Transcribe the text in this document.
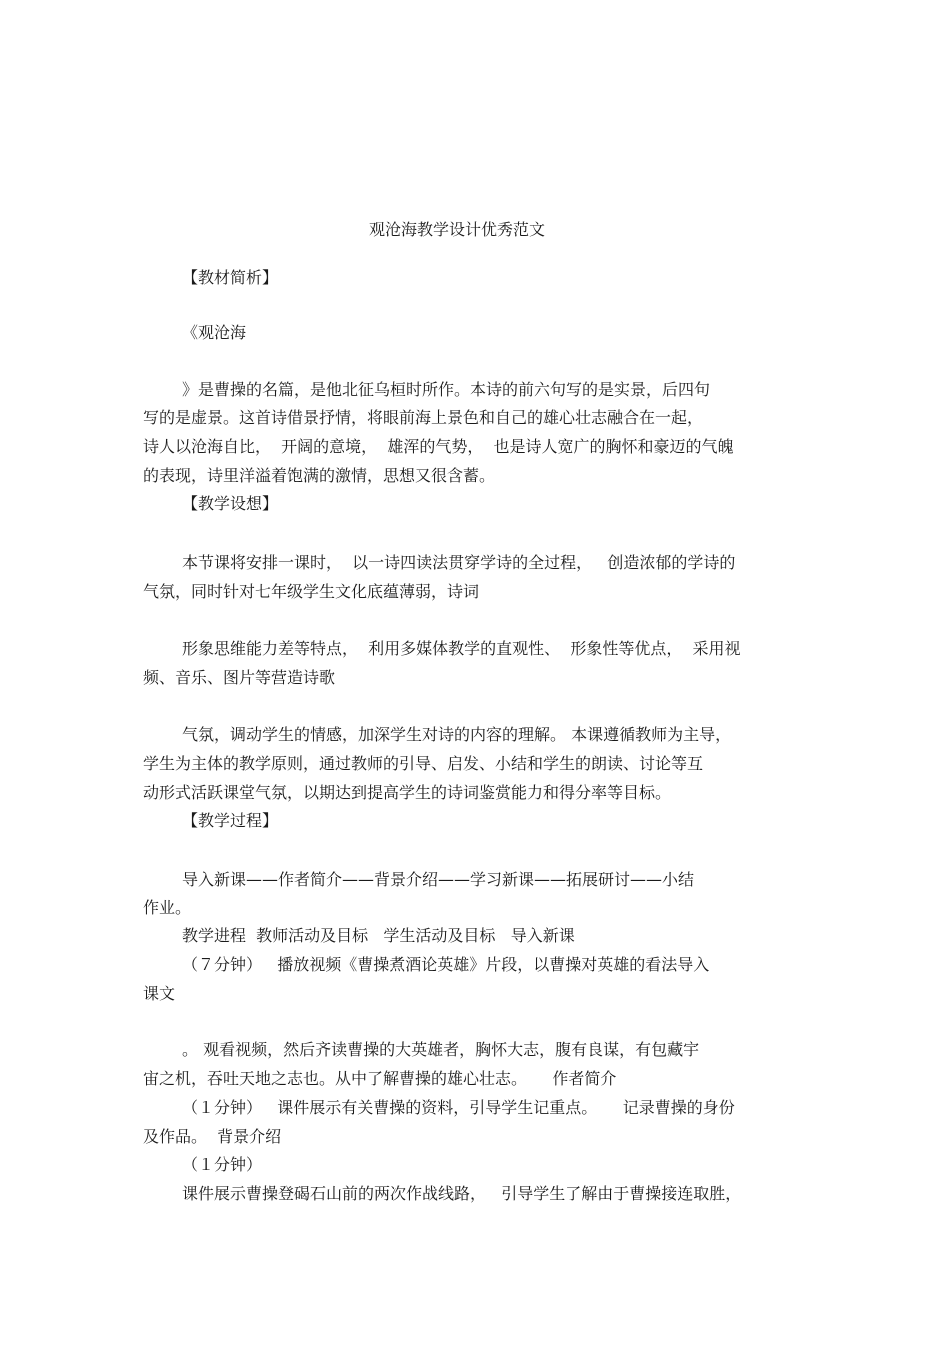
观沧海教学设计优秀范文
【教材简析】
《观沧海
》是曹操的名篇，是他北征乌桓时所作。本诗的前六句写的是实景，后四句
写的是虚景。这首诗借景抒情，将眼前海上景色和自己的雄心壮志融合在一起，
诗人以沧海自比，  开阔的意境，  雄浑的气势，  也是诗人宽广的胸怀和豪迈的气魄
的表现，诗里洋溢着饱满的激情，思想又很含蓄。
【教学设想】
本节课将安排一课时，  以一诗四读法贯穿学诗的全过程，   创造浓郁的学诗的
气氛，同时针对七年级学生文化底蕴薄弱，诗词
形象思维能力差等特点，  利用多媒体教学的直观性、  形象性等优点，  采用视
频、音乐、图片等营造诗歌
气氛，调动学生的情感，加深学生对诗的内容的理解。 本课遵循教师为主导，
学生为主体的教学原则，通过教师的引导、启发、小结和学生的朗读、讨论等互
动形式活跃课堂气氛，以期达到提高学生的诗词鉴赏能力和得分率等目标。
【教学过程】
导入新课——作者简介——背景介绍——学习新课——拓展研讨——小结
作业。
教学进程  教师活动及目标   学生活动及目标   导入新课
（７分钟）   播放视频《曹操煮酒论英雄》片段，以曹操对英雄的看法导入
课文
。 观看视频，然后齐读曹操的大英雄者，胸怀大志，腹有良谋，有包藏宇
宙之机，吞吐天地之志也。从中了解曹操的雄心壮志。     作者简介
（１分钟）   课件展示有关曹操的资料，引导学生记重点。     记录曹操的身份
及作品。  背景介绍
（１分钟）
课件展示曹操登碣石山前的两次作战线路，   引导学生了解由于曹操接连取胜，
